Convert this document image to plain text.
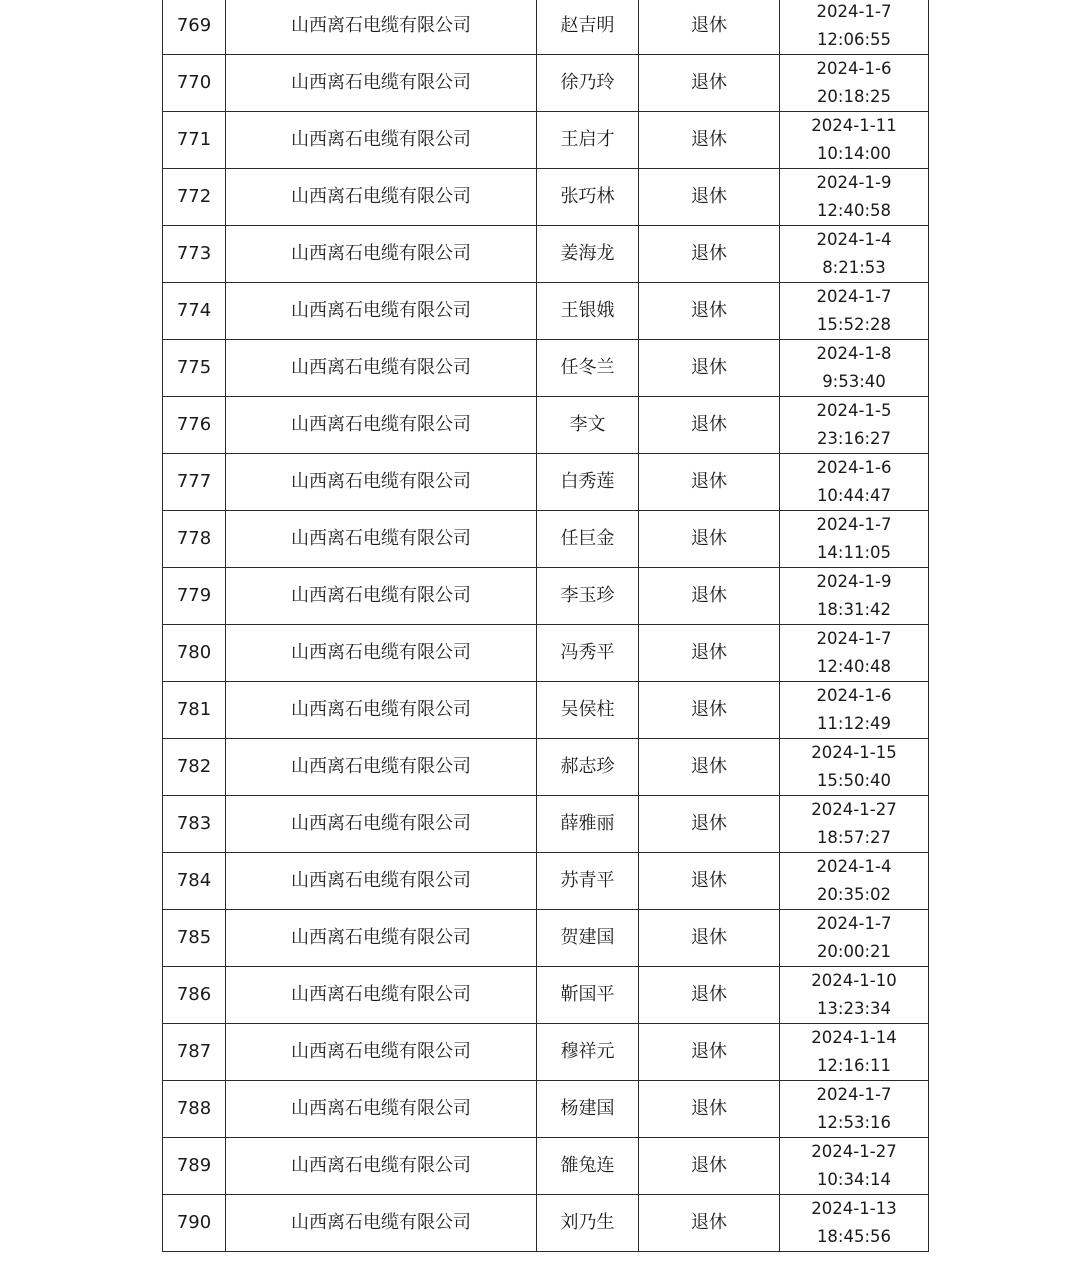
769	山西离石电缆有限公司	赵吉明	退休	2024-1-7
12:06:55

770	山西离石电缆有限公司	徐乃玲	退休	2024-1-6
20:18:25

771	山西离石电缆有限公司	王启才	退休	2024-1-11
10:14:00

772	山西离石电缆有限公司	张巧林	退休	2024-1-9
12:40:58

773	山西离石电缆有限公司	姜海龙	退休	2024-1-4
8:21:53

774	山西离石电缆有限公司	王银娥	退休	2024-1-7
15:52:28

775	山西离石电缆有限公司	任冬兰	退休	2024-1-8
9:53:40

776	山西离石电缆有限公司	李文	退休	2024-1-5
23:16:27

777	山西离石电缆有限公司	白秀莲	退休	2024-1-6
10:44:47

778	山西离石电缆有限公司	任巨金	退休	2024-1-7
14:11:05

779	山西离石电缆有限公司	李玉珍	退休	2024-1-9
18:31:42

780	山西离石电缆有限公司	冯秀平	退休	2024-1-7
12:40:48

781	山西离石电缆有限公司	吴侯柱	退休	2024-1-6
11:12:49

782	山西离石电缆有限公司	郝志珍	退休	2024-1-15
15:50:40

783	山西离石电缆有限公司	薛雅丽	退休	2024-1-27
18:57:27

784	山西离石电缆有限公司	苏青平	退休	2024-1-4
20:35:02

785	山西离石电缆有限公司	贺建国	退休	2024-1-7
20:00:21

786	山西离石电缆有限公司	靳国平	退休	2024-1-10
13:23:34

787	山西离石电缆有限公司	穆祥元	退休	2024-1-14
12:16:11

788	山西离石电缆有限公司	杨建国	退休	2024-1-7
12:53:16

789	山西离石电缆有限公司	雒兔连	退休	2024-1-27
10:34:14

790	山西离石电缆有限公司	刘乃生	退休	2024-1-13
18:45:56
